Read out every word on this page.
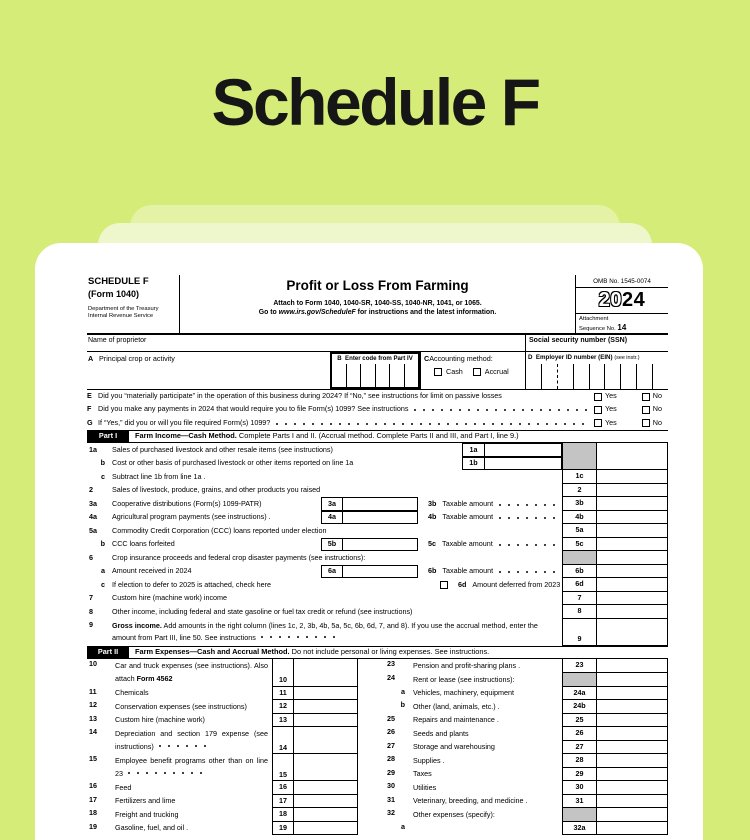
Schedule F
SCHEDULE F
(Form 1040)
Department of the Treasury
Internal Revenue Service
Profit or Loss From Farming
Attach to Form 1040, 1040-SR, 1040-SS, 1040-NR, 1041, or 1065.
Go to www.irs.gov/ScheduleF for instructions and the latest information.
OMB No. 1545-0074
20 24
Attachment
Sequence No. 14
Name of proprietor	Social security number (SSN)
A Principal crop or activity	B Enter code from Part IV	CAccounting method:
Cash	Accrual
D Employer ID number (EIN) (see instr.)
E Did you “materially participate” in the operation of this business during 2024? If “No,” see instructions for limit on passive losses	Yes	No
F Did you make any payments in 2024 that would require you to file Form(s) 1099? See instructions	Yes	No
G If “Yes,” did you or will you file required Form(s) 1099?	Yes	No
Part I	Farm Income—Cash Method.
Complete Parts I and II. (Accrual method. Complete Parts II and III, and Part I, line 9.)
1a	Sales of purchased livestock and other resale items (see instructions)	1a
b Cost or other basis of purchased livestock or other items reported on line 1a	1b
c Subtract line 1b from line 1a .	1c
2	Sales of livestock, produce, grains, and other products you raised	2
3a	Cooperative distributions (Form(s) 1099-PATR)	3a	3b Taxable amount	3b
4a	Agricultural program payments (see instructions) .	4a	4b Taxable amount	4b
5a	Commodity Credit Corporation (CCC) loans reported under election	5a
b CCC loans forfeited	5b	5c Taxable amount	5c
6	Crop insurance proceeds and federal crop disaster payments (see instructions):
a Amount received in 2024	6a	6b Taxable amount	6b
c If election to defer to 2025 is attached, check here	6d Amount deferred from 2023	6d
7	Custom hire (machine work) income	7
8	Other income, including federal and state gasoline or fuel tax credit or refund (see instructions)	8
9	Gross income. Add amounts in the right column (lines 1c, 2, 3b, 4b, 5a, 5c, 6b, 6d, 7, and 8). If you use the accrual method, enter the amount from Part III, line 50. See instructions	9
Part II	Farm Expenses—Cash and Accrual Method.
Do not include personal or living expenses. See instructions.
10	Car and truck expenses (see instructions). Also attach Form 4562	10
11	Chemicals	11
12	Conservation expenses (see instructions)	12
13	Custom hire (machine work)	13
14	Depreciation and section 179 expense (see instructions)	14
15	Employee benefit programs other than on line 23	15
16	Feed	16
17	Fertilizers and lime	17
18	Freight and trucking	18
19	Gasoline, fuel, and oil .	19
23	Pension and profit-sharing plans .	23
24	Rent or lease (see instructions):
a	Vehicles, machinery, equipment	24a
b	Other (land, animals, etc.) .	24b
25	Repairs and maintenance .	25
26	Seeds and plants	26
27	Storage and warehousing	27
28	Supplies .	28
29	Taxes	29
30	Utilities	30
31	Veterinary, breeding, and medicine .	31
32	Other expenses (specify):
a	32a
